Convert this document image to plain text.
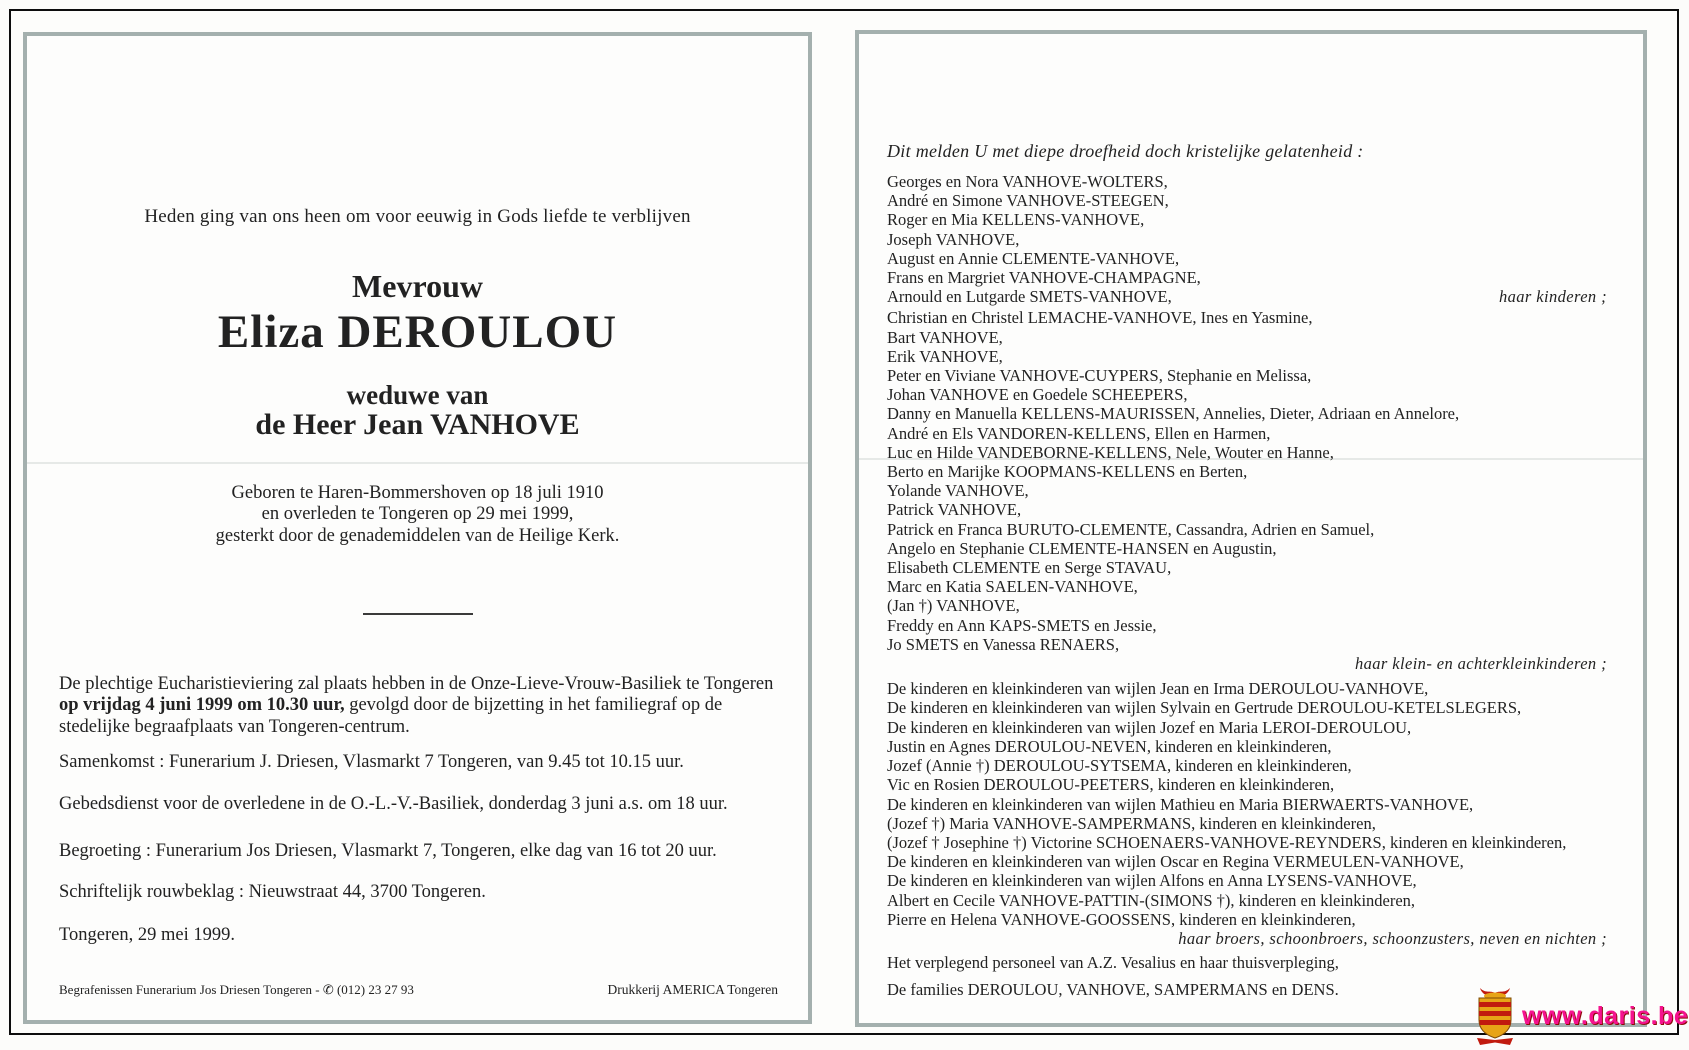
Heden ging van ons heen om voor eeuwig in Gods liefde te verblijven
Mevrouw
Eliza DEROULOU
weduwe van
de Heer Jean VANHOVE
Geboren te Haren-Bommershoven op 18 juli 1910
en overleden te Tongeren op 29 mei 1999,
gesterkt door de genademiddelen van de Heilige Kerk.
De plechtige Eucharistieviering zal plaats hebben in de Onze-Lieve-Vrouw-Basiliek te Tongeren
op vrijdag 4 juni 1999 om 10.30 uur, gevolgd door de bijzetting in het familiegraf op de
stedelijke begraafplaats van Tongeren-centrum.
Samenkomst : Funerarium J. Driesen, Vlasmarkt 7 Tongeren, van 9.45 tot 10.15 uur.
Gebedsdienst voor de overledene in de O.-L.-V.-Basiliek, donderdag 3 juni a.s. om 18 uur.
Begroeting : Funerarium Jos Driesen, Vlasmarkt 7, Tongeren, elke dag van 16 tot 20 uur.
Schriftelijk rouwbeklag : Nieuwstraat 44, 3700 Tongeren.
Tongeren, 29 mei 1999.
Begrafenissen Funerarium Jos Driesen Tongeren - ✆ (012) 23 27 93	Drukkerij AMERICA Tongeren

Dit melden U met diepe droefheid doch kristelijke gelatenheid :

Georges en Nora VANHOVE-WOLTERS,
André en Simone VANHOVE-STEEGEN,
Roger en Mia KELLENS-VANHOVE,
Joseph VANHOVE,
August en Annie CLEMENTE-VANHOVE,
Frans en Margriet VANHOVE-CHAMPAGNE,
Arnould en Lutgarde SMETS-VANHOVE,	haar kinderen ;
Christian en Christel LEMACHE-VANHOVE, Ines en Yasmine,
Bart VANHOVE,
Erik VANHOVE,
Peter en Viviane VANHOVE-CUYPERS, Stephanie en Melissa,
Johan VANHOVE en Goedele SCHEEPERS,
Danny en Manuella KELLENS-MAURISSEN, Annelies, Dieter, Adriaan en Annelore,
André en Els VANDOREN-KELLENS, Ellen en Harmen,
Luc en Hilde VANDEBORNE-KELLENS, Nele, Wouter en Hanne,
Berto en Marijke KOOPMANS-KELLENS en Berten,
Yolande VANHOVE,
Patrick VANHOVE,
Patrick en Franca BURUTO-CLEMENTE, Cassandra, Adrien en Samuel,
Angelo en Stephanie CLEMENTE-HANSEN en Augustin,
Elisabeth CLEMENTE en Serge STAVAU,
Marc en Katia SAELEN-VANHOVE,
(Jan †) VANHOVE,
Freddy en Ann KAPS-SMETS en Jessie,
Jo SMETS en Vanessa RENAERS,
haar klein- en achterkleinkinderen ;
De kinderen en kleinkinderen van wijlen Jean en Irma DEROULOU-VANHOVE,
De kinderen en kleinkinderen van wijlen Sylvain en Gertrude DEROULOU-KETELSLEGERS,
De kinderen en kleinkinderen van wijlen Jozef en Maria LEROI-DEROULOU,
Justin en Agnes DEROULOU-NEVEN, kinderen en kleinkinderen,
Jozef (Annie †) DEROULOU-SYTSEMA, kinderen en kleinkinderen,
Vic en Rosien DEROULOU-PEETERS, kinderen en kleinkinderen,
De kinderen en kleinkinderen van wijlen Mathieu en Maria BIERWAERTS-VANHOVE,
(Jozef †) Maria VANHOVE-SAMPERMANS, kinderen en kleinkinderen,
(Jozef † Josephine †) Victorine SCHOENAERS-VANHOVE-REYNDERS, kinderen en kleinkinderen,
De kinderen en kleinkinderen van wijlen Oscar en Regina VERMEULEN-VANHOVE,
De kinderen en kleinkinderen van wijlen Alfons en Anna LYSENS-VANHOVE,
Albert en Cecile VANHOVE-PATTIN-(SIMONS †), kinderen en kleinkinderen,
Pierre en Helena VANHOVE-GOOSSENS, kinderen en kleinkinderen,
haar broers, schoonbroers, schoonzusters, neven en nichten ;
Het verplegend personeel van A.Z. Vesalius en haar thuisverpleging,
De families DEROULOU, VANHOVE, SAMPERMANS en DENS.
www.daris.be
